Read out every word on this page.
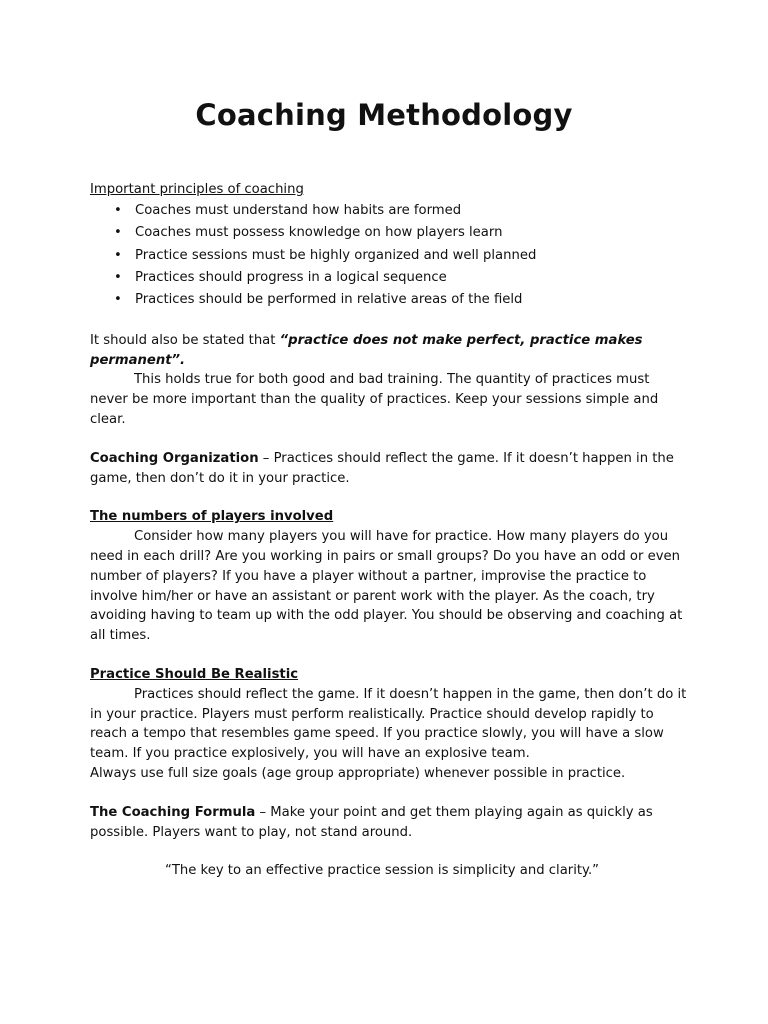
Coaching Methodology

Important principles of coaching

• Coaches must understand how habits are formed
• Coaches must possess knowledge on how players learn
• Practice sessions must be highly organized and well planned
• Practices should progress in a logical sequence
• Practices should be performed in relative areas of the field

It should also be stated that “practice does not make perfect, practice makes permanent”.

This holds true for both good and bad training. The quantity of practices must never be more important than the quality of practices. Keep your sessions simple and clear.

Coaching Organization – Practices should reflect the game. If it doesn’t happen in the game, then don’t do it in your practice.

The numbers of players involved

Consider how many players you will have for practice. How many players do you need in each drill? Are you working in pairs or small groups? Do you have an odd or even number of players? If you have a player without a partner, improvise the practice to involve him/her or have an assistant or parent work with the player. As the coach, try avoiding having to team up with the odd player. You should be observing and coaching at all times.

Practice Should Be Realistic

Practices should reflect the game. If it doesn’t happen in the game, then don’t do it in your practice. Players must perform realistically. Practice should develop rapidly to reach a tempo that resembles game speed. If you practice slowly, you will have a slow team. If you practice explosively, you will have an explosive team.

Always use full size goals (age group appropriate) whenever possible in practice.

The Coaching Formula – Make your point and get them playing again as quickly as possible. Players want to play, not stand around.

“The key to an effective practice session is simplicity and clarity.”
